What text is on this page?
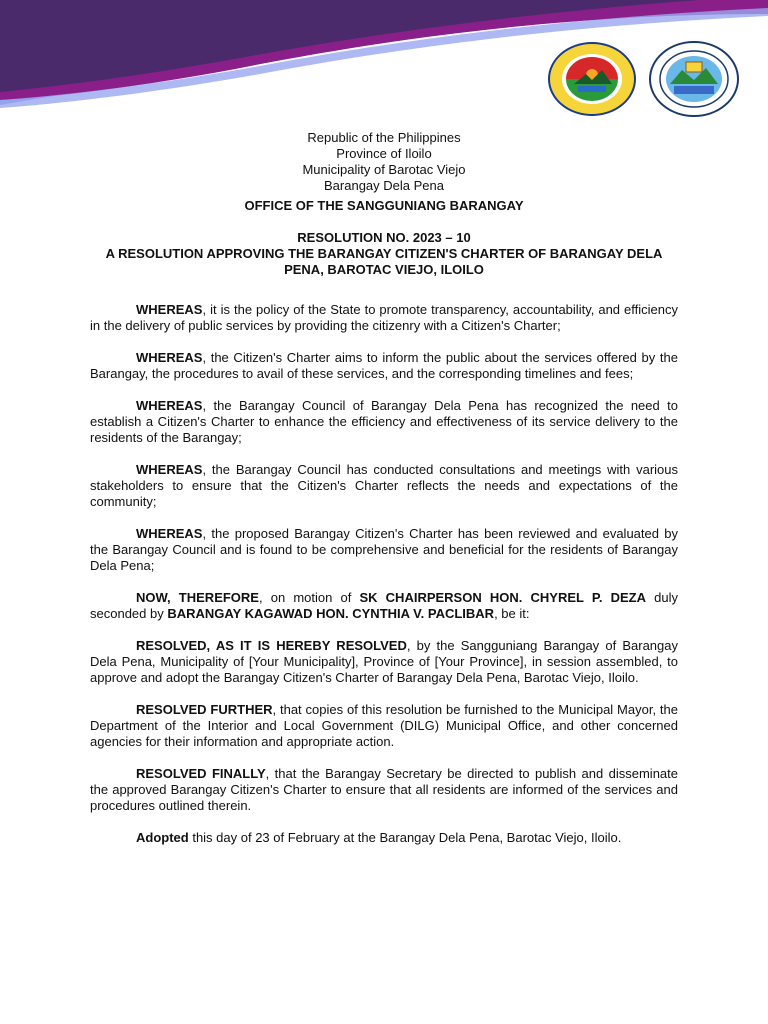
Republic of the Philippines
Province of Iloilo
Municipality of Barotac Viejo
Barangay Dela Pena
OFFICE OF THE SANGGUNIANG BARANGAY
RESOLUTION NO. 2023 – 10
A RESOLUTION APPROVING THE BARANGAY CITIZEN'S CHARTER OF BARANGAY DELA PENA, BAROTAC VIEJO, ILOILO

WHEREAS, it is the policy of the State to promote transparency, accountability, and efficiency in the delivery of public services by providing the citizenry with a Citizen's Charter;

WHEREAS, the Citizen's Charter aims to inform the public about the services offered by the Barangay, the procedures to avail of these services, and the corresponding timelines and fees;

WHEREAS, the Barangay Council of Barangay Dela Pena has recognized the need to establish a Citizen's Charter to enhance the efficiency and effectiveness of its service delivery to the residents of the Barangay;

WHEREAS, the Barangay Council has conducted consultations and meetings with various stakeholders to ensure that the Citizen's Charter reflects the needs and expectations of the community;

WHEREAS, the proposed Barangay Citizen's Charter has been reviewed and evaluated by the Barangay Council and is found to be comprehensive and beneficial for the residents of Barangay Dela Pena;

NOW, THEREFORE, on motion of SK CHAIRPERSON HON. CHYREL P. DEZA duly seconded by BARANGAY KAGAWAD HON. CYNTHIA V. PACLIBAR, be it:

RESOLVED, AS IT IS HEREBY RESOLVED, by the Sangguniang Barangay of Barangay Dela Pena, Municipality of [Your Municipality], Province of [Your Province], in session assembled, to approve and adopt the Barangay Citizen's Charter of Barangay Dela Pena, Barotac Viejo, Iloilo.

RESOLVED FURTHER, that copies of this resolution be furnished to the Municipal Mayor, the Department of the Interior and Local Government (DILG) Municipal Office, and other concerned agencies for their information and appropriate action.

RESOLVED FINALLY, that the Barangay Secretary be directed to publish and disseminate the approved Barangay Citizen's Charter to ensure that all residents are informed of the services and procedures outlined therein.

Adopted this day of 23 of February at the Barangay Dela Pena, Barotac Viejo, Iloilo.
